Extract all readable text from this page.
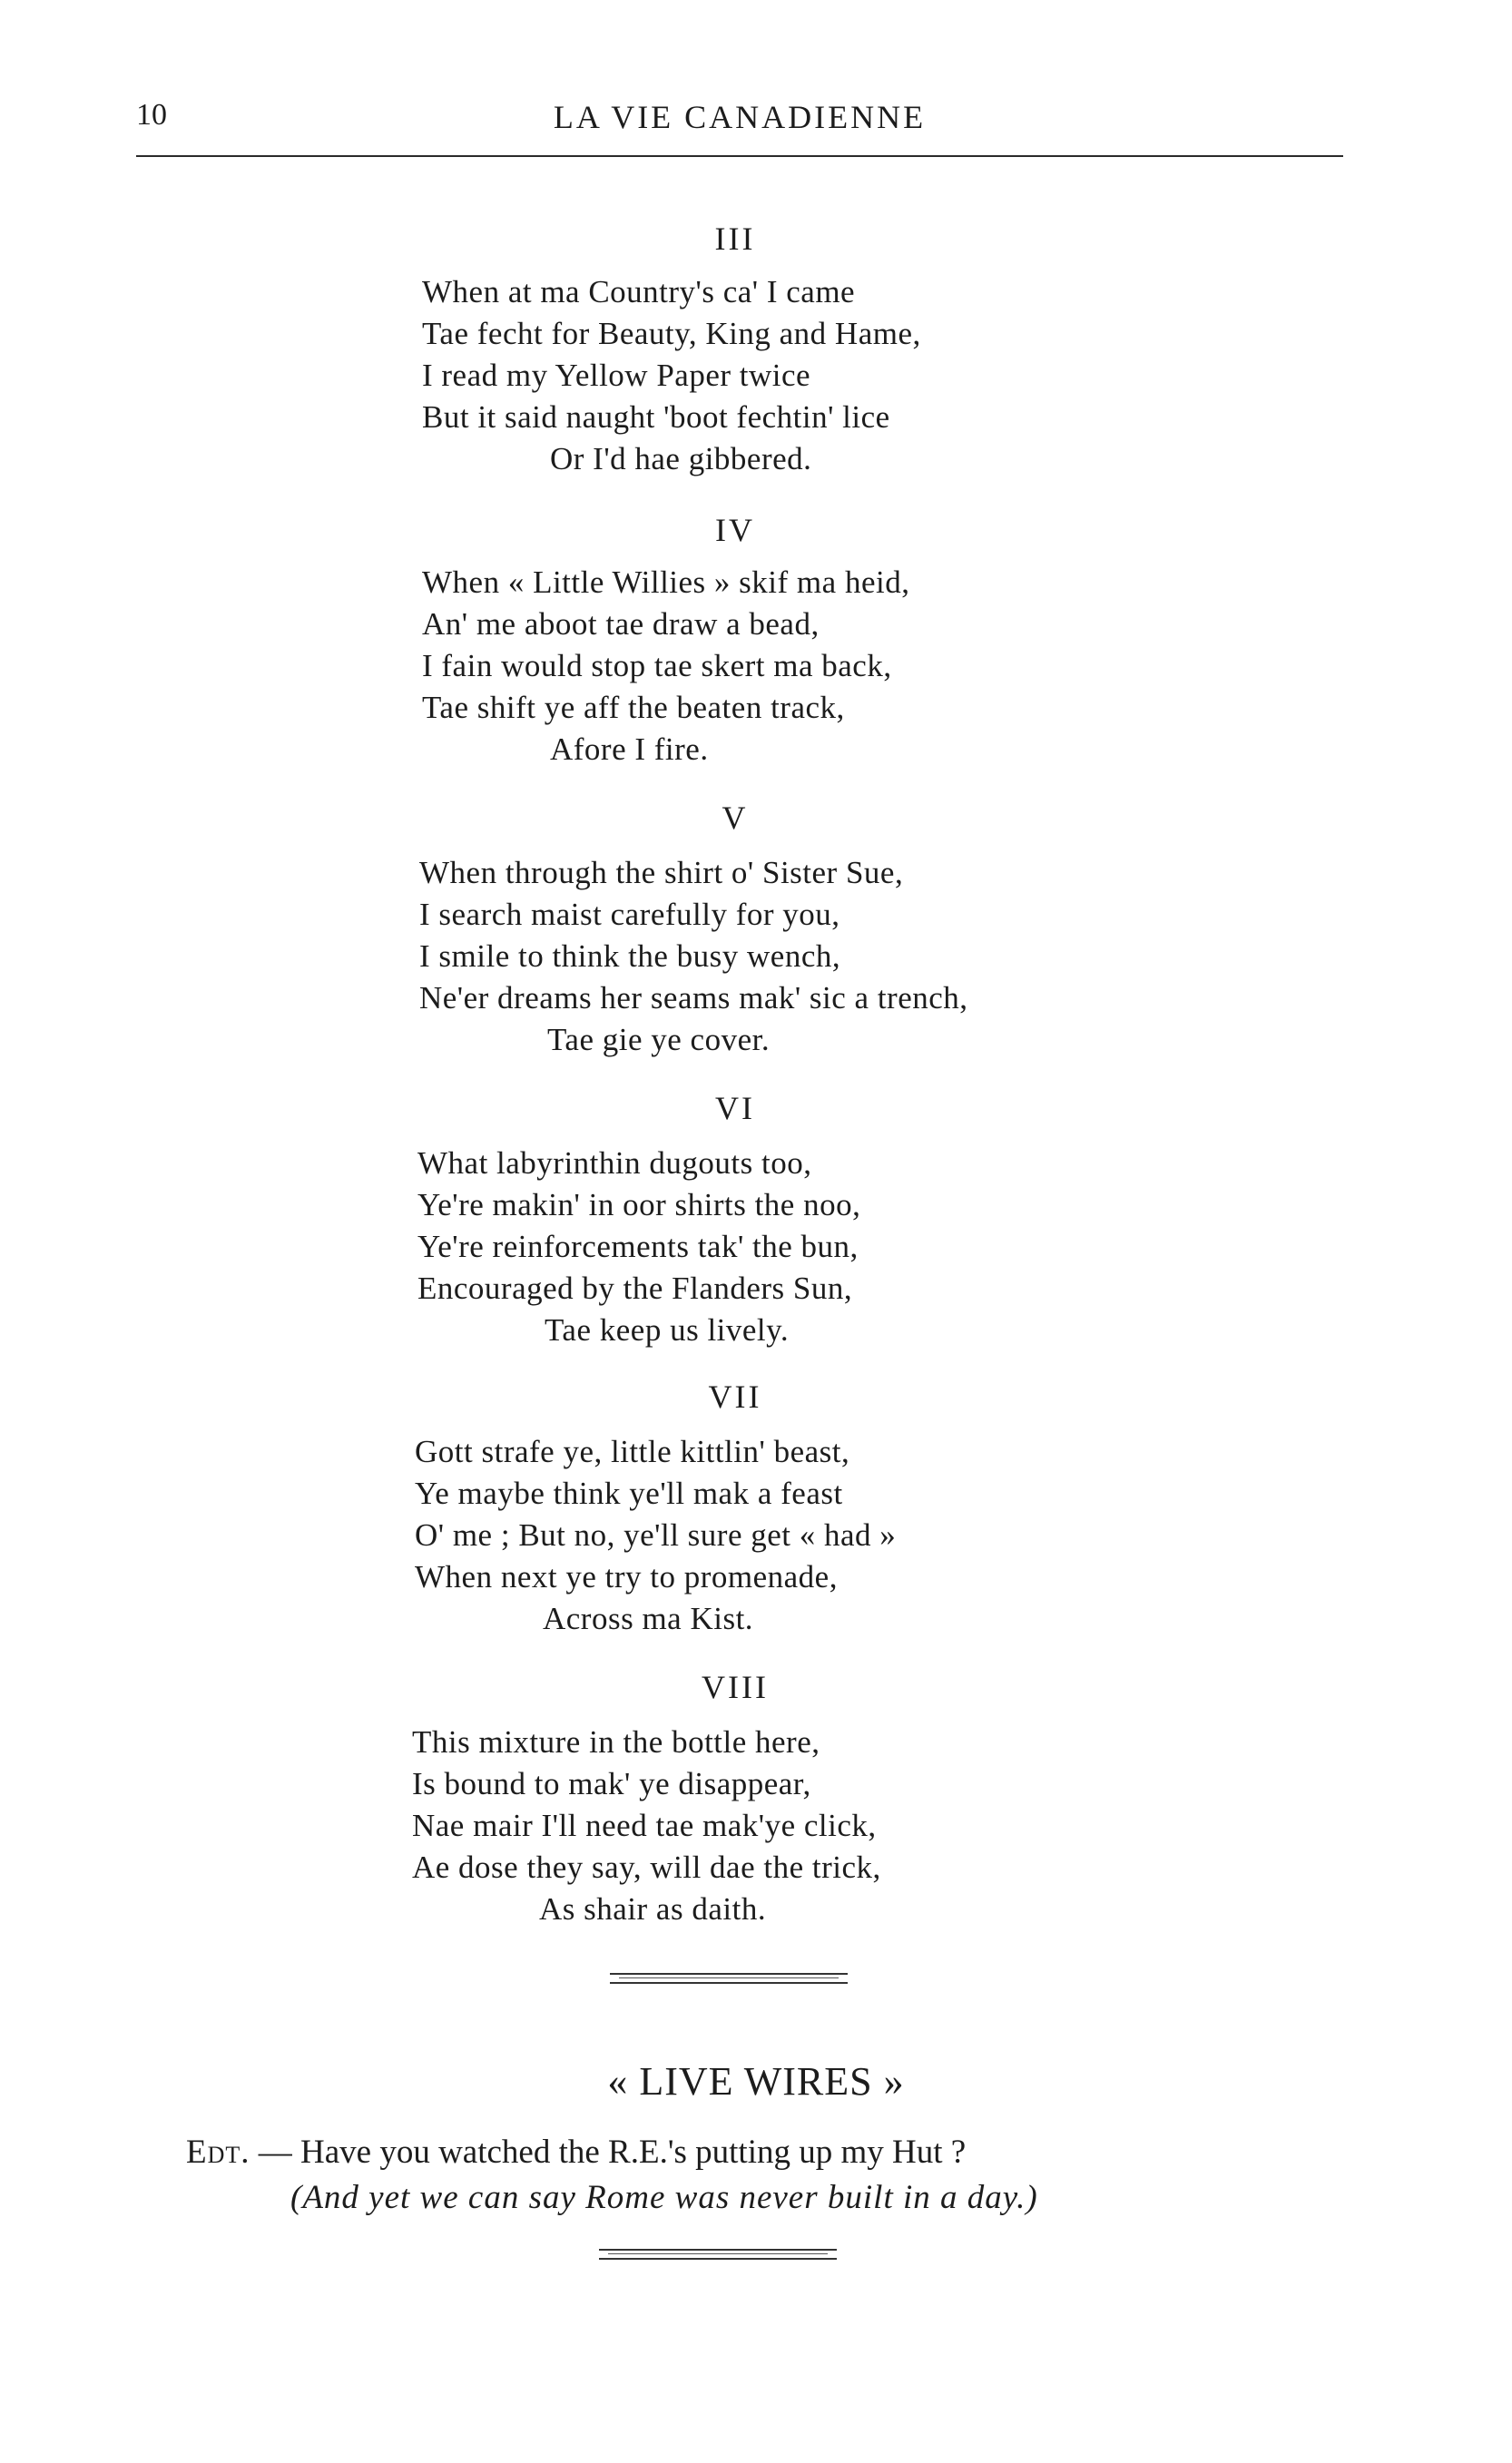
10	LA VIE CANADIENNE
III
When at ma Country's ca' I came
Tae fecht for Beauty, King and Hame,
I read my Yellow Paper twice
But it said naught 'boot fechtin' lice
Or I'd hae gibbered.
IV
When « Little Willies » skif ma heid,
An' me aboot tae draw a bead,
I fain would stop tae skert ma back,
Tae shift ye aff the beaten track,
Afore I fire.
V
When through the shirt o' Sister Sue,
I search maist carefully for you,
I smile to think the busy wench,
Ne'er dreams her seams mak' sic a trench,
Tae gie ye cover.
VI
What labyrinthin dugouts too,
Ye're makin' in oor shirts the noo,
Ye're reinforcements tak' the bun,
Encouraged by the Flanders Sun,
Tae keep us lively.
VII
Gott strafe ye, little kittlin' beast,
Ye maybe think ye'll mak a feast
O' me ; But no, ye'll sure get « had »
When next ye try to promenade,
Across ma Kist.
VIII
This mixture in the bottle here,
Is bound to mak' ye disappear,
Nae mair I'll need tae mak'ye click,
Ae dose they say, will dae the trick,
As shair as daith.
« LIVE WIRES »
Edt. — Have you watched the R.E.'s putting up my Hut ?
(And yet we can say Rome was never built in a day.)
